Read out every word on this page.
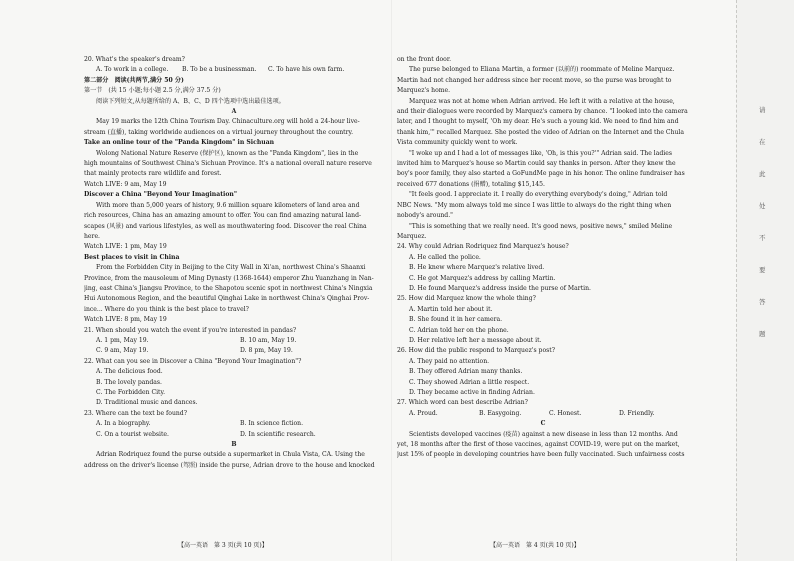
20. What's the speaker's dream?
A. To work in a college.	B. To be a businessman.	C. To have his own farm.
第二部分　阅读(共两节,满分 50 分)
第一节　(共 15 小题;每小题 2.5 分,满分 37.5 分)
阅读下列短文,从每题所给的 A、B、C、D 四个选项中选出最佳选项。
A
May 19 marks the 12th China Tourism Day. Chinaculture.org will hold a 24-hour live-
stream (直播), taking worldwide audiences on a virtual journey throughout the country.
Take an online tour of the "Panda Kingdom" in Sichuan
Wolong National Nature Reserve (保护区), known as the "Panda Kingdom", lies in the
high mountains of Southwest China's Sichuan Province. It's a national overall nature reserve
that mainly protects rare wildlife and forest.
Watch LIVE: 9 am, May 19
Discover a China "Beyond Your Imagination"
With more than 5,000 years of history, 9.6 million square kilometers of land area and
rich resources, China has an amazing amount to offer. You can find amazing natural land-
scapes (风景) and various lifestyles, as well as mouthwatering food. Discover the real China
here.
Watch LIVE: 1 pm, May 19
Best places to visit in China
From the Forbidden City in Beijing to the City Wall in Xi'an, northwest China's Shaanxi
Province, from the mausoleum of Ming Dynasty (1368-1644) emperor Zhu Yuanzhang in Nan-
jing, east China's Jiangsu Province, to the Shapotou scenic spot in northwest China's Ningxia
Hui Autonomous Region, and the beautiful Qinghai Lake in northwest China's Qinghai Prov-
ince... Where do you think is the best place to travel?
Watch LIVE: 8 pm, May 19
21. When should you watch the event if you're interested in pandas?
A. 1 pm, May 19.	B. 10 am, May 19.
C. 9 am, May 19.	D. 8 pm, May 19.
22. What can you see in Discover a China "Beyond Your Imagination"?
A. The delicious food.
B. The lovely pandas.
C. The Forbidden City.
D. Traditional music and dances.
23. Where can the text be found?
A. In a biography.	B. In science fiction.
C. On a tourist website.	D. In scientific research.
B
Adrian Rodriquez found the purse outside a supermarket in Chula Vista, CA. Using the
address on the driver's license (驾照) inside the purse, Adrian drove to the house and knocked
on the front door.
The purse belonged to Eliana Martin, a former (以前的) roommate of Meline Marquez.
Martin had not changed her address since her recent move, so the purse was brought to
Marquez's home.
Marquez was not at home when Adrian arrived. He left it with a relative at the house,
and their dialogues were recorded by Marquez's camera by chance. "I looked into the camera
later, and I thought to myself, 'Oh my dear. He's such a young kid. We need to find him and
thank him,'" recalled Marquez. She posted the video of Adrian on the Internet and the Chula
Vista community quickly went to work.
"I woke up and I had a lot of messages like, 'Oh, is this you?'" Adrian said. The ladies
invited him to Marquez's house so Martin could say thanks in person. After they knew the
boy's poor family, they also started a GoFundMe page in his honor. The online fundraiser has
received 677 donations (捐赠), totaling $15,145.
"It feels good. I appreciate it. I really do everything everybody's doing," Adrian told
NBC News. "My mom always told me since I was little to always do the right thing when
nobody's around."
"This is something that we really need. It's good news, positive news," smiled Meline
Marquez.
24. Why could Adrian Rodriquez find Marquez's house?
A. He called the police.
B. He knew where Marquez's relative lived.
C. He got Marquez's address by calling Martin.
D. He found Marquez's address inside the purse of Martin.
25. How did Marquez know the whole thing?
A. Martin told her about it.
B. She found it in her camera.
C. Adrian told her on the phone.
D. Her relative left her a message about it.
26. How did the public respond to Marquez's post?
A. They paid no attention.
B. They offered Adrian many thanks.
C. They showed Adrian a little respect.
D. They became active in finding Adrian.
27. Which word can best describe Adrian?
A. Proud.	B. Easygoing.	C. Honest.	D. Friendly.
C
Scientists developed vaccines (疫苗) against a new disease in less than 12 months. And
yet, 18 months after the first of those vaccines, against COVID-19, were put on the market,
just 15% of people in developing countries have been fully vaccinated. Such unfairness costs
【高一英语　第 3 页(共 10 页)】	【高一英语　第 4 页(共 10 页)】
请
在
此
处
不
要
答
题
